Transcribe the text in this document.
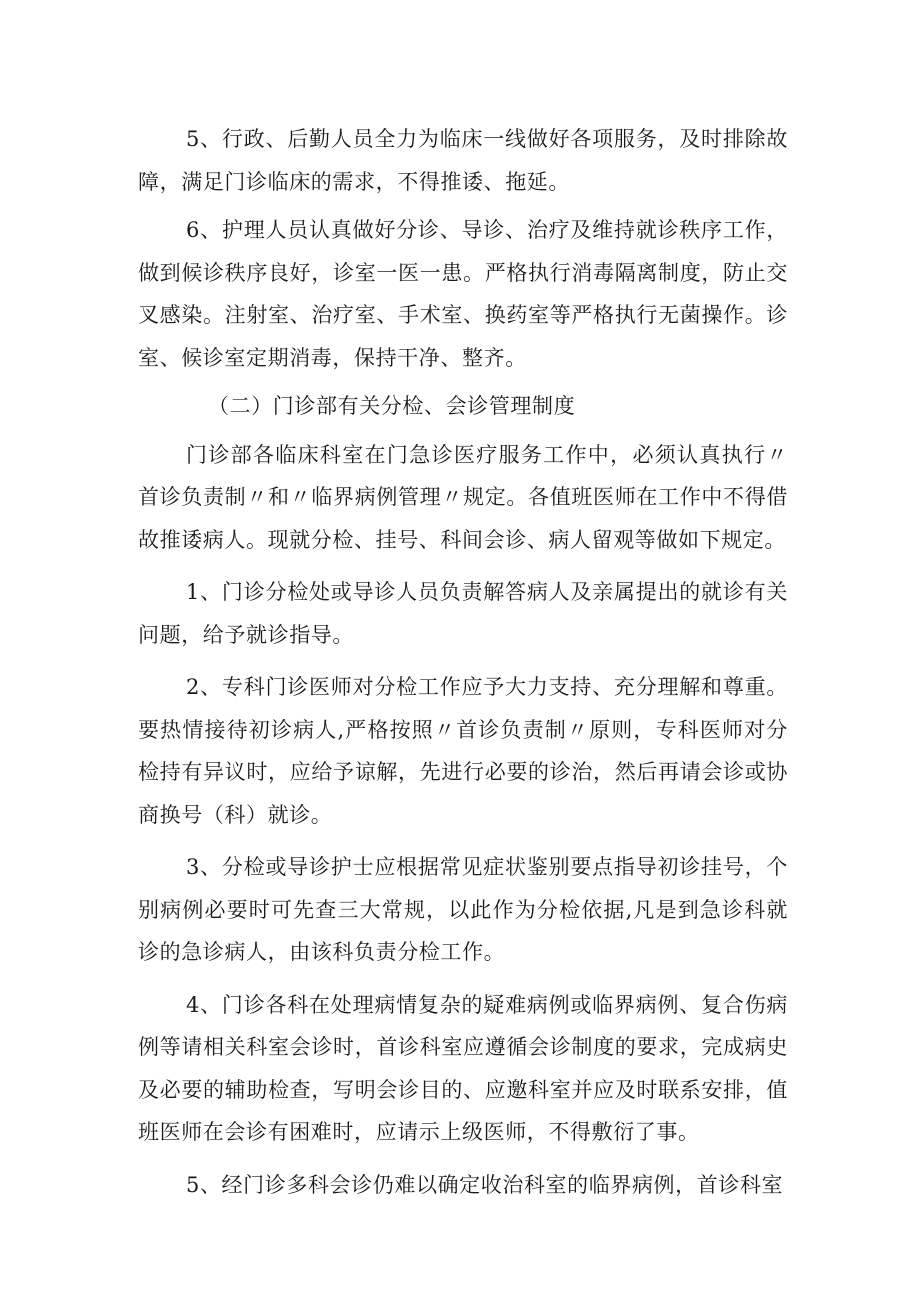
5、行政、后勤人员全力为临床一线做好各项服务，及时排除故障，满足门诊临床的需求，不得推诿、拖延。

6、护理人员认真做好分诊、导诊、治疗及维持就诊秩序工作，做到候诊秩序良好，诊室一医一患。严格执行消毒隔离制度，防止交叉感染。注射室、治疗室、手术室、换药室等严格执行无菌操作。诊室、候诊室定期消毒，保持干净、整齐。

（二）门诊部有关分检、会诊管理制度

门诊部各临床科室在门急诊医疗服务工作中，必须认真执行〃首诊负责制〃和〃临界病例管理〃规定。各值班医师在工作中不得借故推诿病人。现就分检、挂号、科间会诊、病人留观等做如下规定。

1、门诊分检处或导诊人员负责解答病人及亲属提出的就诊有关问题，给予就诊指导。

2、专科门诊医师对分检工作应予大力支持、充分理解和尊重。要热情接待初诊病人,严格按照〃首诊负责制〃原则，专科医师对分检持有异议时，应给予谅解，先进行必要的诊治，然后再请会诊或协商换号（科）就诊。

3、分检或导诊护士应根据常见症状鉴别要点指导初诊挂号，个别病例必要时可先查三大常规，以此作为分检依据,凡是到急诊科就诊的急诊病人，由该科负责分检工作。

4、门诊各科在处理病情复杂的疑难病例或临界病例、复合伤病例等请相关科室会诊时，首诊科室应遵循会诊制度的要求，完成病史及必要的辅助检查，写明会诊目的、应邀科室并应及时联系安排，值班医师在会诊有困难时，应请示上级医师，不得敷衍了事。

5、经门诊多科会诊仍难以确定收治科室的临界病例，首诊科室
